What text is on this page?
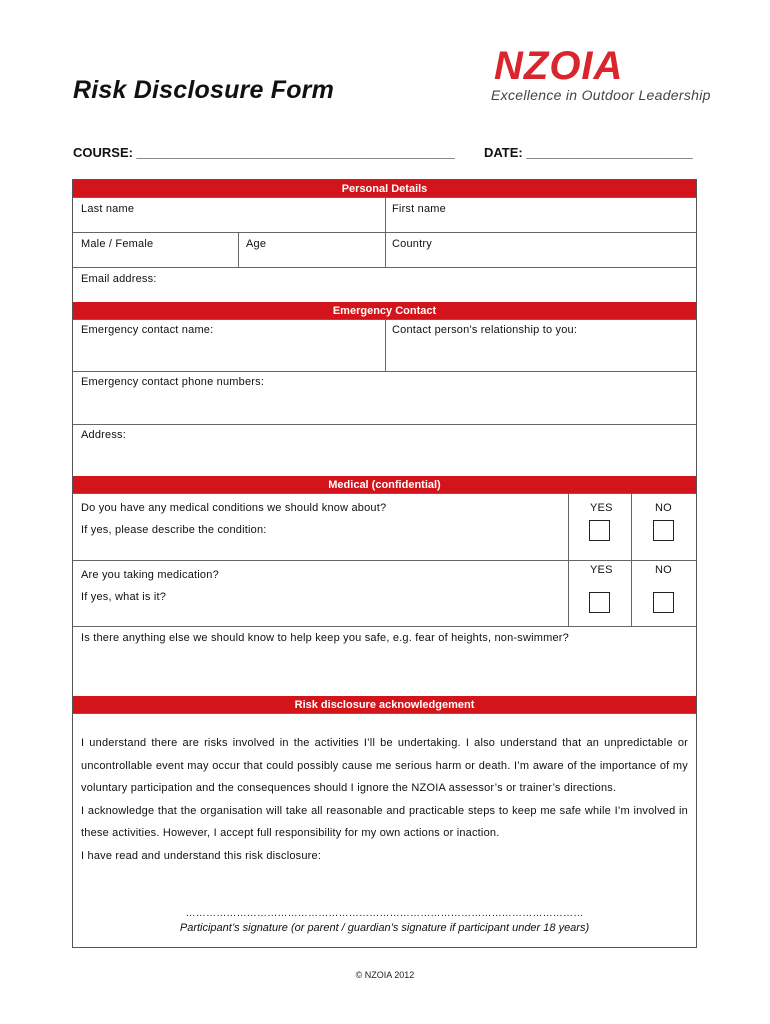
Risk Disclosure Form
NZOIA
Excellence in Outdoor Leadership
COURSE: ____________________________________________ DATE: _______________________
Personal Details
Last name	First name
Male / Female	Age	Country
Email address:
Emergency Contact
Emergency contact name:	Contact person’s relationship to you:
Emergency contact phone numbers:
Address:
Medical (confidential)
Do you have any medical conditions we should know about?
If yes, please describe the condition:
YES	NO
Are you taking medication?
If yes, what is it?
YES	NO
Is there anything else we should know to help keep you safe, e.g. fear of heights, non-swimmer?
Risk disclosure acknowledgement

I understand there are risks involved in the activities I’ll be undertaking. I also understand that an unpredictable or uncontrollable event may occur that could possibly cause me serious harm or death. I’m aware of the importance of my voluntary participation and the consequences should I ignore the NZOIA assessor’s or trainer’s directions.

I acknowledge that the organisation will take all reasonable and practicable steps to keep me safe while I’m involved in these activities. However, I accept full responsibility for my own actions or inaction.

I have read and understand this risk disclosure:

………………………………………………………………………………………………………
Participant’s signature (or parent / guardian’s signature if participant under 18 years)
© NZOIA 2012
